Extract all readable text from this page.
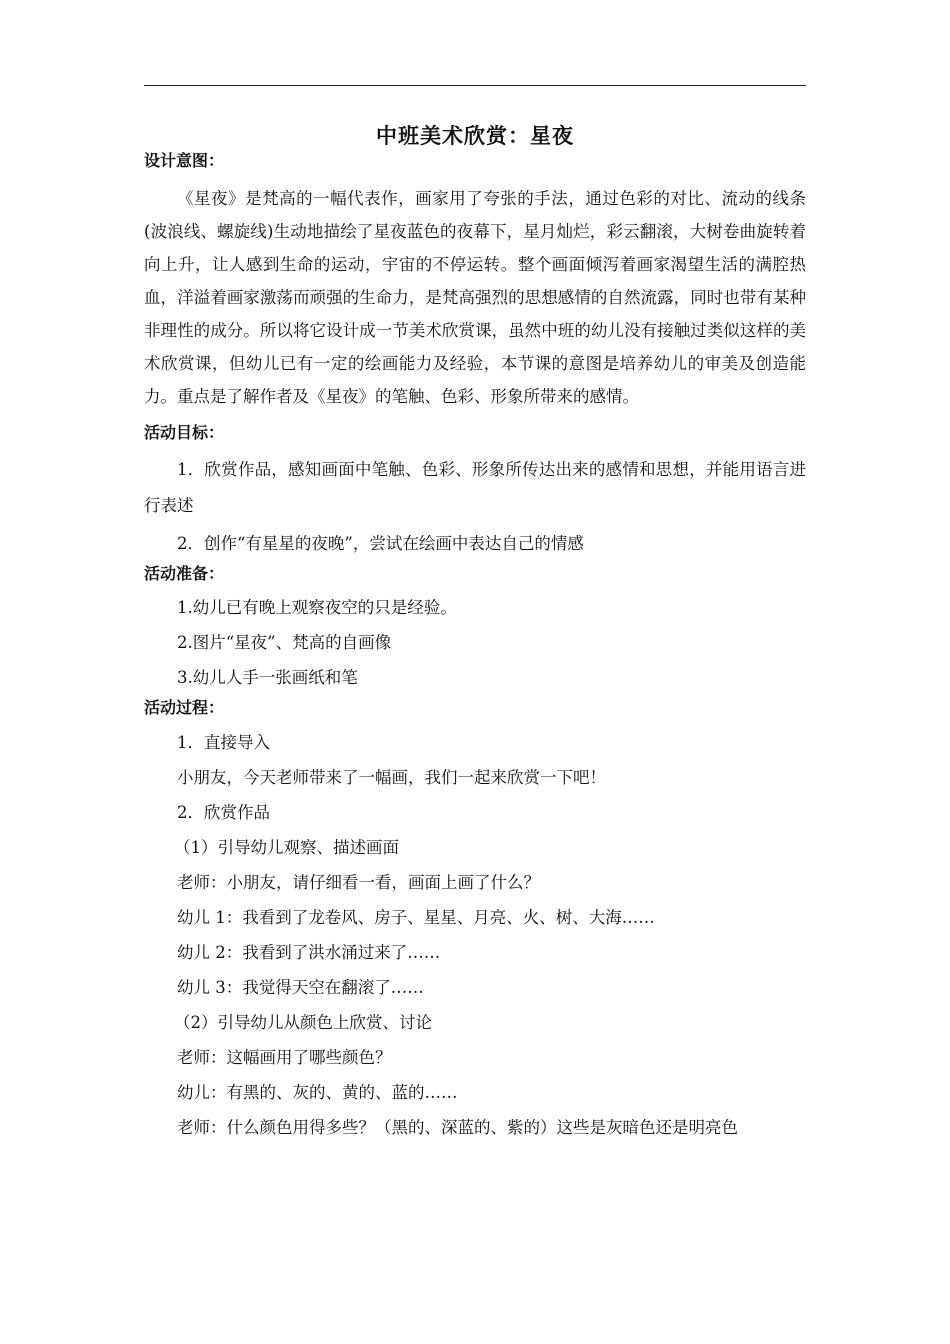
中班美术欣赏：星夜
设计意图：

《星夜》是梵高的一幅代表作，画家用了夸张的手法，通过色彩的对比、流动的线条(波浪线、螺旋线)生动地描绘了星夜蓝色的夜幕下，星月灿烂，彩云翻滚，大树卷曲旋转着向上升，让人感到生命的运动，宇宙的不停运转。整个画面倾泻着画家渴望生活的满腔热血，洋溢着画家激荡而顽强的生命力，是梵高强烈的思想感情的自然流露，同时也带有某种非理性的成分。所以将它设计成一节美术欣赏课，虽然中班的幼儿没有接触过类似这样的美术欣赏课，但幼儿已有一定的绘画能力及经验，本节课的意图是培养幼儿的审美及创造能力。重点是了解作者及《星夜》的笔触、色彩、形象所带来的感情。

活动目标：

1．欣赏作品，感知画面中笔触、色彩、形象所传达出来的感情和思想，并能用语言进行表述

2．创作“有星星的夜晚”，尝试在绘画中表达自己的情感
活动准备：
1.幼儿已有晚上观察夜空的只是经验。
2.图片“星夜”、梵高的自画像
3.幼儿人手一张画纸和笔
活动过程：
1．直接导入
小朋友，今天老师带来了一幅画，我们一起来欣赏一下吧！
2．欣赏作品
（1）引导幼儿观察、描述画面
老师：小朋友，请仔细看一看，画面上画了什么？
幼儿 1：我看到了龙卷风、房子、星星、月亮、火、树、大海……
幼儿 2：我看到了洪水涌过来了……
幼儿 3：我觉得天空在翻滚了……
（2）引导幼儿从颜色上欣赏、讨论
老师：这幅画用了哪些颜色？
幼儿：有黑的、灰的、黄的、蓝的……
老师：什么颜色用得多些？（黑的、深蓝的、紫的）这些是灰暗色还是明亮色
